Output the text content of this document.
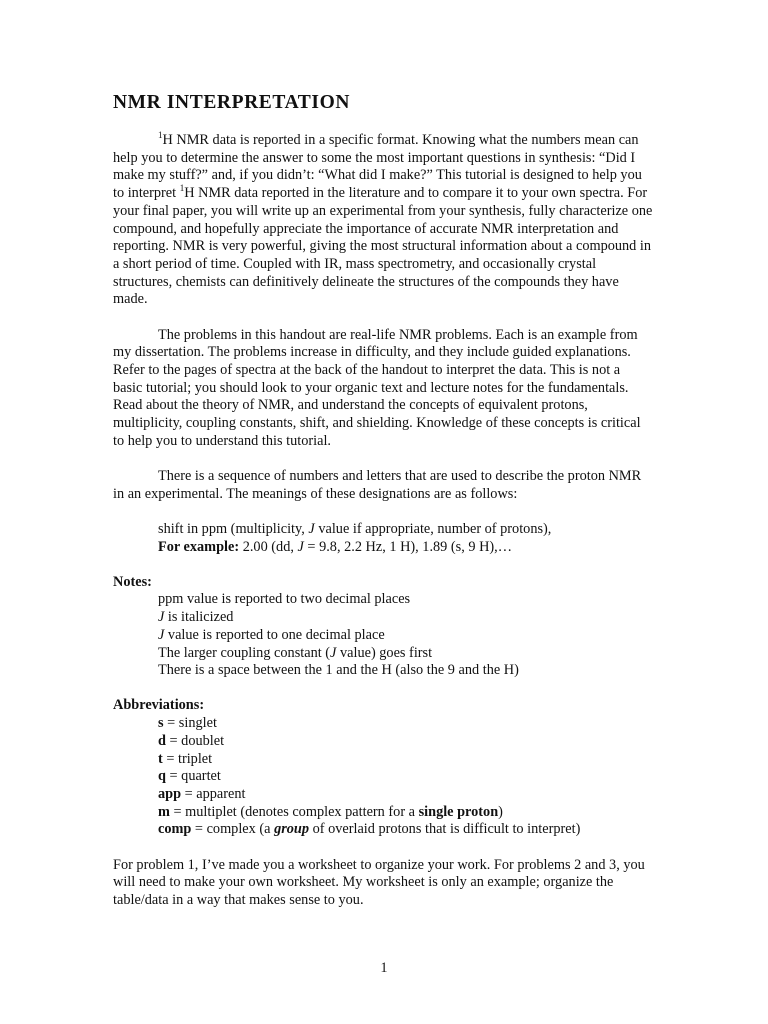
NMR INTERPRETATION

$^1$H NMR data is reported in a specific format. Knowing what the numbers mean can help you to determine the answer to some the most important questions in synthesis: “Did I make my stuff?” and, if you didn’t: “What did I make?” This tutorial is designed to help you to interpret $^1$H NMR data reported in the literature and to compare it to your own spectra. For your final paper, you will write up an experimental from your synthesis, fully characterize one compound, and hopefully appreciate the importance of accurate NMR interpretation and reporting. NMR is very powerful, giving the most structural information about a compound in a short period of time. Coupled with IR, mass spectrometry, and occasionally crystal structures, chemists can definitively delineate the structures of the compounds they have made.

The problems in this handout are real-life NMR problems. Each is an example from my dissertation. The problems increase in difficulty, and they include guided explanations. Refer to the pages of spectra at the back of the handout to interpret the data. This is not a basic tutorial; you should look to your organic text and lecture notes for the fundamentals. Read about the theory of NMR, and understand the concepts of equivalent protons, multiplicity, coupling constants, shift, and shielding. Knowledge of these concepts is critical to help you to understand this tutorial.

There is a sequence of numbers and letters that are used to describe the proton NMR in an experimental. The meanings of these designations are as follows:

shift in ppm (multiplicity, J value if appropriate, number of protons),
For example: 2.00 (dd, J = 9.8, 2.2 Hz, 1 H), 1.89 (s, 9 H),…
Notes:
ppm value is reported to two decimal places
J is italicized
J value is reported to one decimal place
The larger coupling constant (J value) goes first
There is a space between the 1 and the H (also the 9 and the H)
Abbreviations:
s = singlet
d = doublet
t = triplet
q = quartet
app = apparent
m = multiplet (denotes complex pattern for a single proton)
comp = complex (a group of overlaid protons that is difficult to interpret)

For problem 1, I’ve made you a worksheet to organize your work. For problems 2 and 3, you will need to make your own worksheet. My worksheet is only an example; organize the table/data in a way that makes sense to you.

1
